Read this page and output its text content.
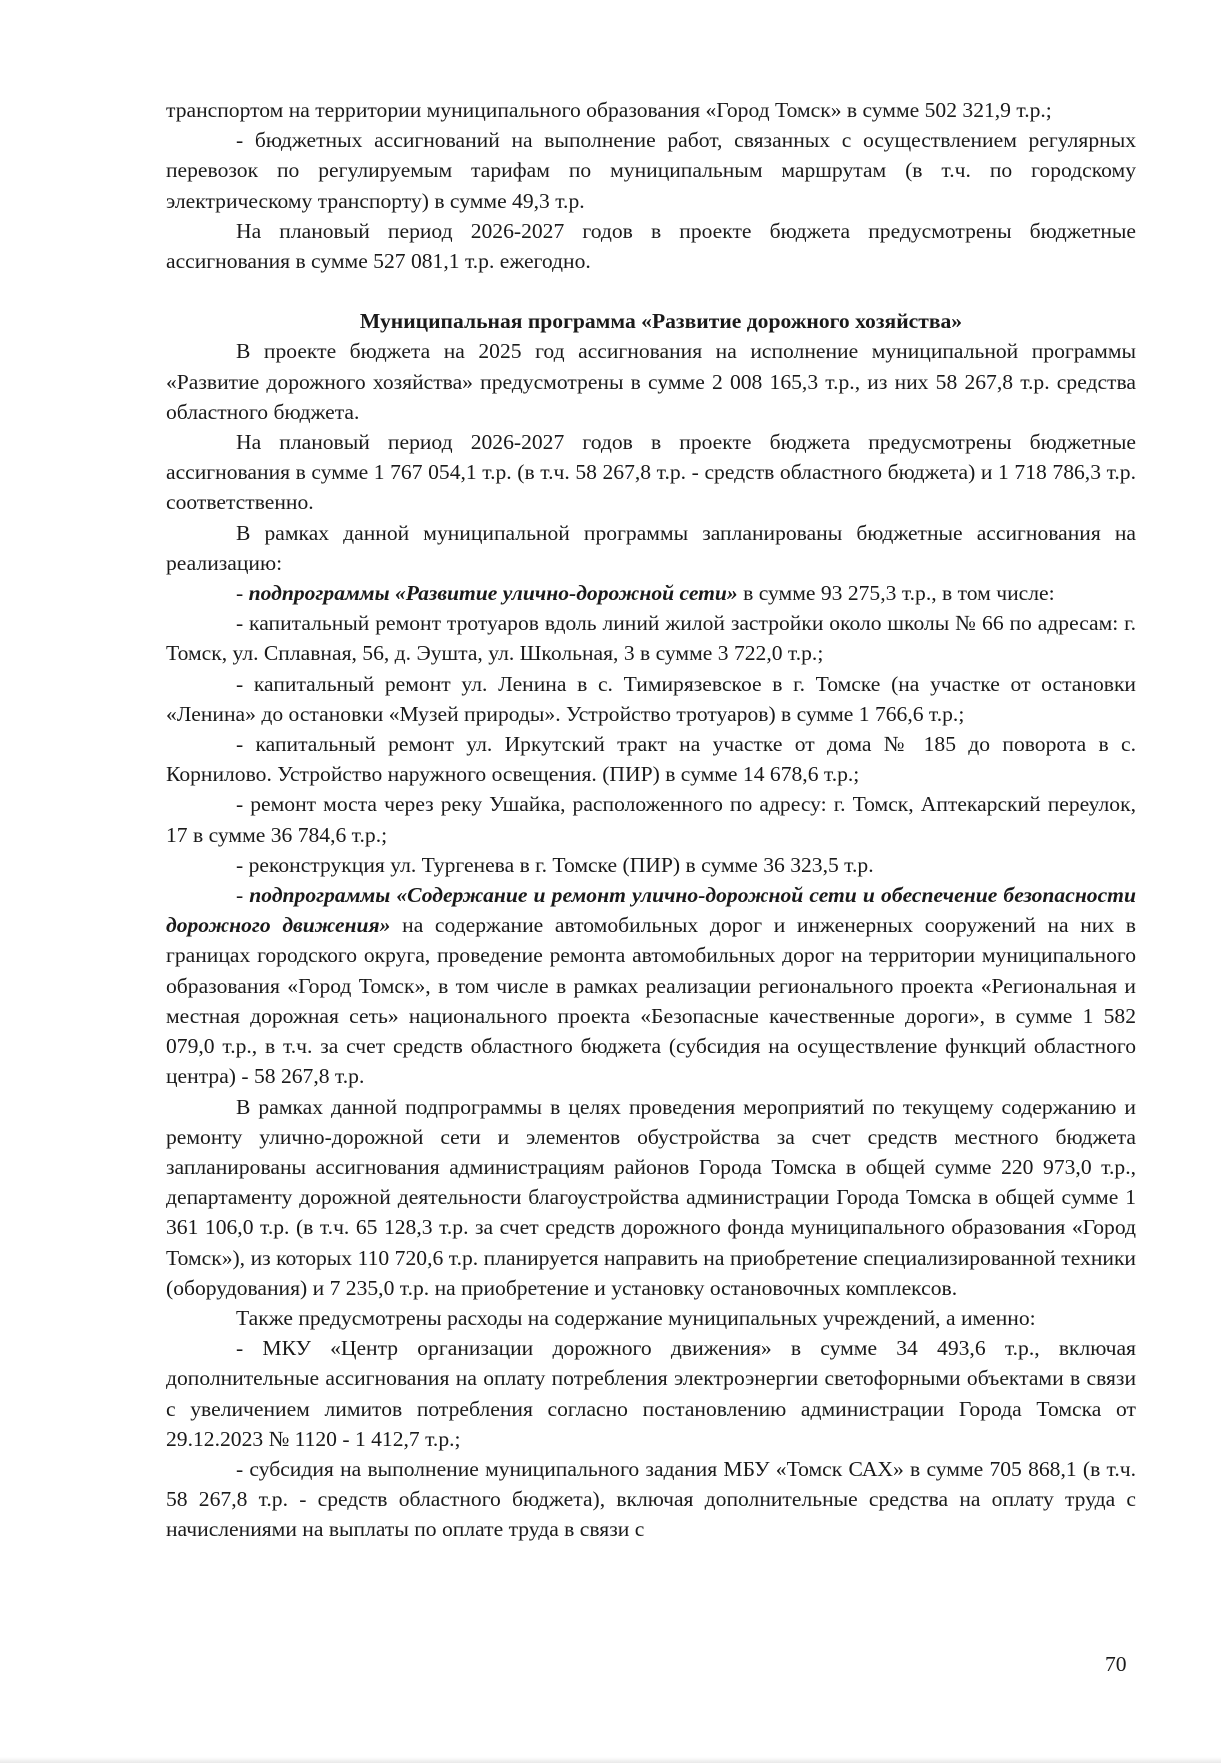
транспортом на территории муниципального образования «Город Томск» в сумме 502 321,9 т.р.;

- бюджетных ассигнований на выполнение работ, связанных с осуществлением регулярных перевозок по регулируемым тарифам по муниципальным маршрутам (в т.ч. по городскому электрическому транспорту) в сумме 49,3 т.р.

На плановый период 2026-2027 годов в проекте бюджета предусмотрены бюджетные ассигнования в сумме 527 081,1 т.р. ежегодно.

Муниципальная программа «Развитие дорожного хозяйства»

В проекте бюджета на 2025 год ассигнования на исполнение муниципальной программы «Развитие дорожного хозяйства» предусмотрены в сумме 2 008 165,3 т.р., из них 58 267,8 т.р. средства областного бюджета.

На плановый период 2026-2027 годов в проекте бюджета предусмотрены бюджетные ассигнования в сумме 1 767 054,1 т.р. (в т.ч. 58 267,8 т.р. - средств областного бюджета) и 1 718 786,3 т.р. соответственно.

В рамках данной муниципальной программы запланированы бюджетные ассигнования на реализацию:

- подпрограммы «Развитие улично-дорожной сети» в сумме 93 275,3 т.р., в том числе:

- капитальный ремонт тротуаров вдоль линий жилой застройки около школы № 66 по адресам: г. Томск, ул. Сплавная, 56, д. Эушта, ул. Школьная, 3 в сумме 3 722,0 т.р.;

- капитальный ремонт ул. Ленина в с. Тимирязевское в г. Томске (на участке от остановки «Ленина» до остановки «Музей природы». Устройство тротуаров) в сумме 1 766,6 т.р.;

- капитальный ремонт ул. Иркутский тракт на участке от дома № 185 до поворота в с. Корнилово. Устройство наружного освещения. (ПИР) в сумме 14 678,6 т.р.;

- ремонт моста через реку Ушайка, расположенного по адресу: г. Томск, Аптекарский переулок, 17 в сумме 36 784,6 т.р.;

- реконструкция ул. Тургенева в г. Томске (ПИР) в сумме 36 323,5 т.р.

- подпрограммы «Содержание и ремонт улично-дорожной сети и обеспечение безопасности дорожного движения» на содержание автомобильных дорог и инженерных сооружений на них в границах городского округа, проведение ремонта автомобильных дорог на территории муниципального образования «Город Томск», в том числе в рамках реализации регионального проекта «Региональная и местная дорожная сеть» национального проекта «Безопасные качественные дороги», в сумме 1 582 079,0 т.р., в т.ч. за счет средств областного бюджета (субсидия на осуществление функций областного центра) - 58 267,8 т.р.

В рамках данной подпрограммы в целях проведения мероприятий по текущему содержанию и ремонту улично-дорожной сети и элементов обустройства за счет средств местного бюджета запланированы ассигнования администрациям районов Города Томска в общей сумме 220 973,0 т.р., департаменту дорожной деятельности благоустройства администрации Города Томска в общей сумме 1 361 106,0 т.р. (в т.ч. 65 128,3 т.р. за счет средств дорожного фонда муниципального образования «Город Томск»), из которых 110 720,6 т.р. планируется направить на приобретение специализированной техники (оборудования) и 7 235,0 т.р. на приобретение и установку остановочных комплексов.

Также предусмотрены расходы на содержание муниципальных учреждений, а именно:

- МКУ «Центр организации дорожного движения» в сумме 34 493,6 т.р., включая дополнительные ассигнования на оплату потребления электроэнергии светофорными объектами в связи с увеличением лимитов потребления согласно постановлению администрации Города Томска от 29.12.2023 № 1120 - 1 412,7 т.р.;

- субсидия на выполнение муниципального задания МБУ «Томск САХ» в сумме 705 868,1 (в т.ч. 58 267,8 т.р. - средств областного бюджета), включая дополнительные средства на оплату труда с начислениями на выплаты по оплате труда в связи с

70
